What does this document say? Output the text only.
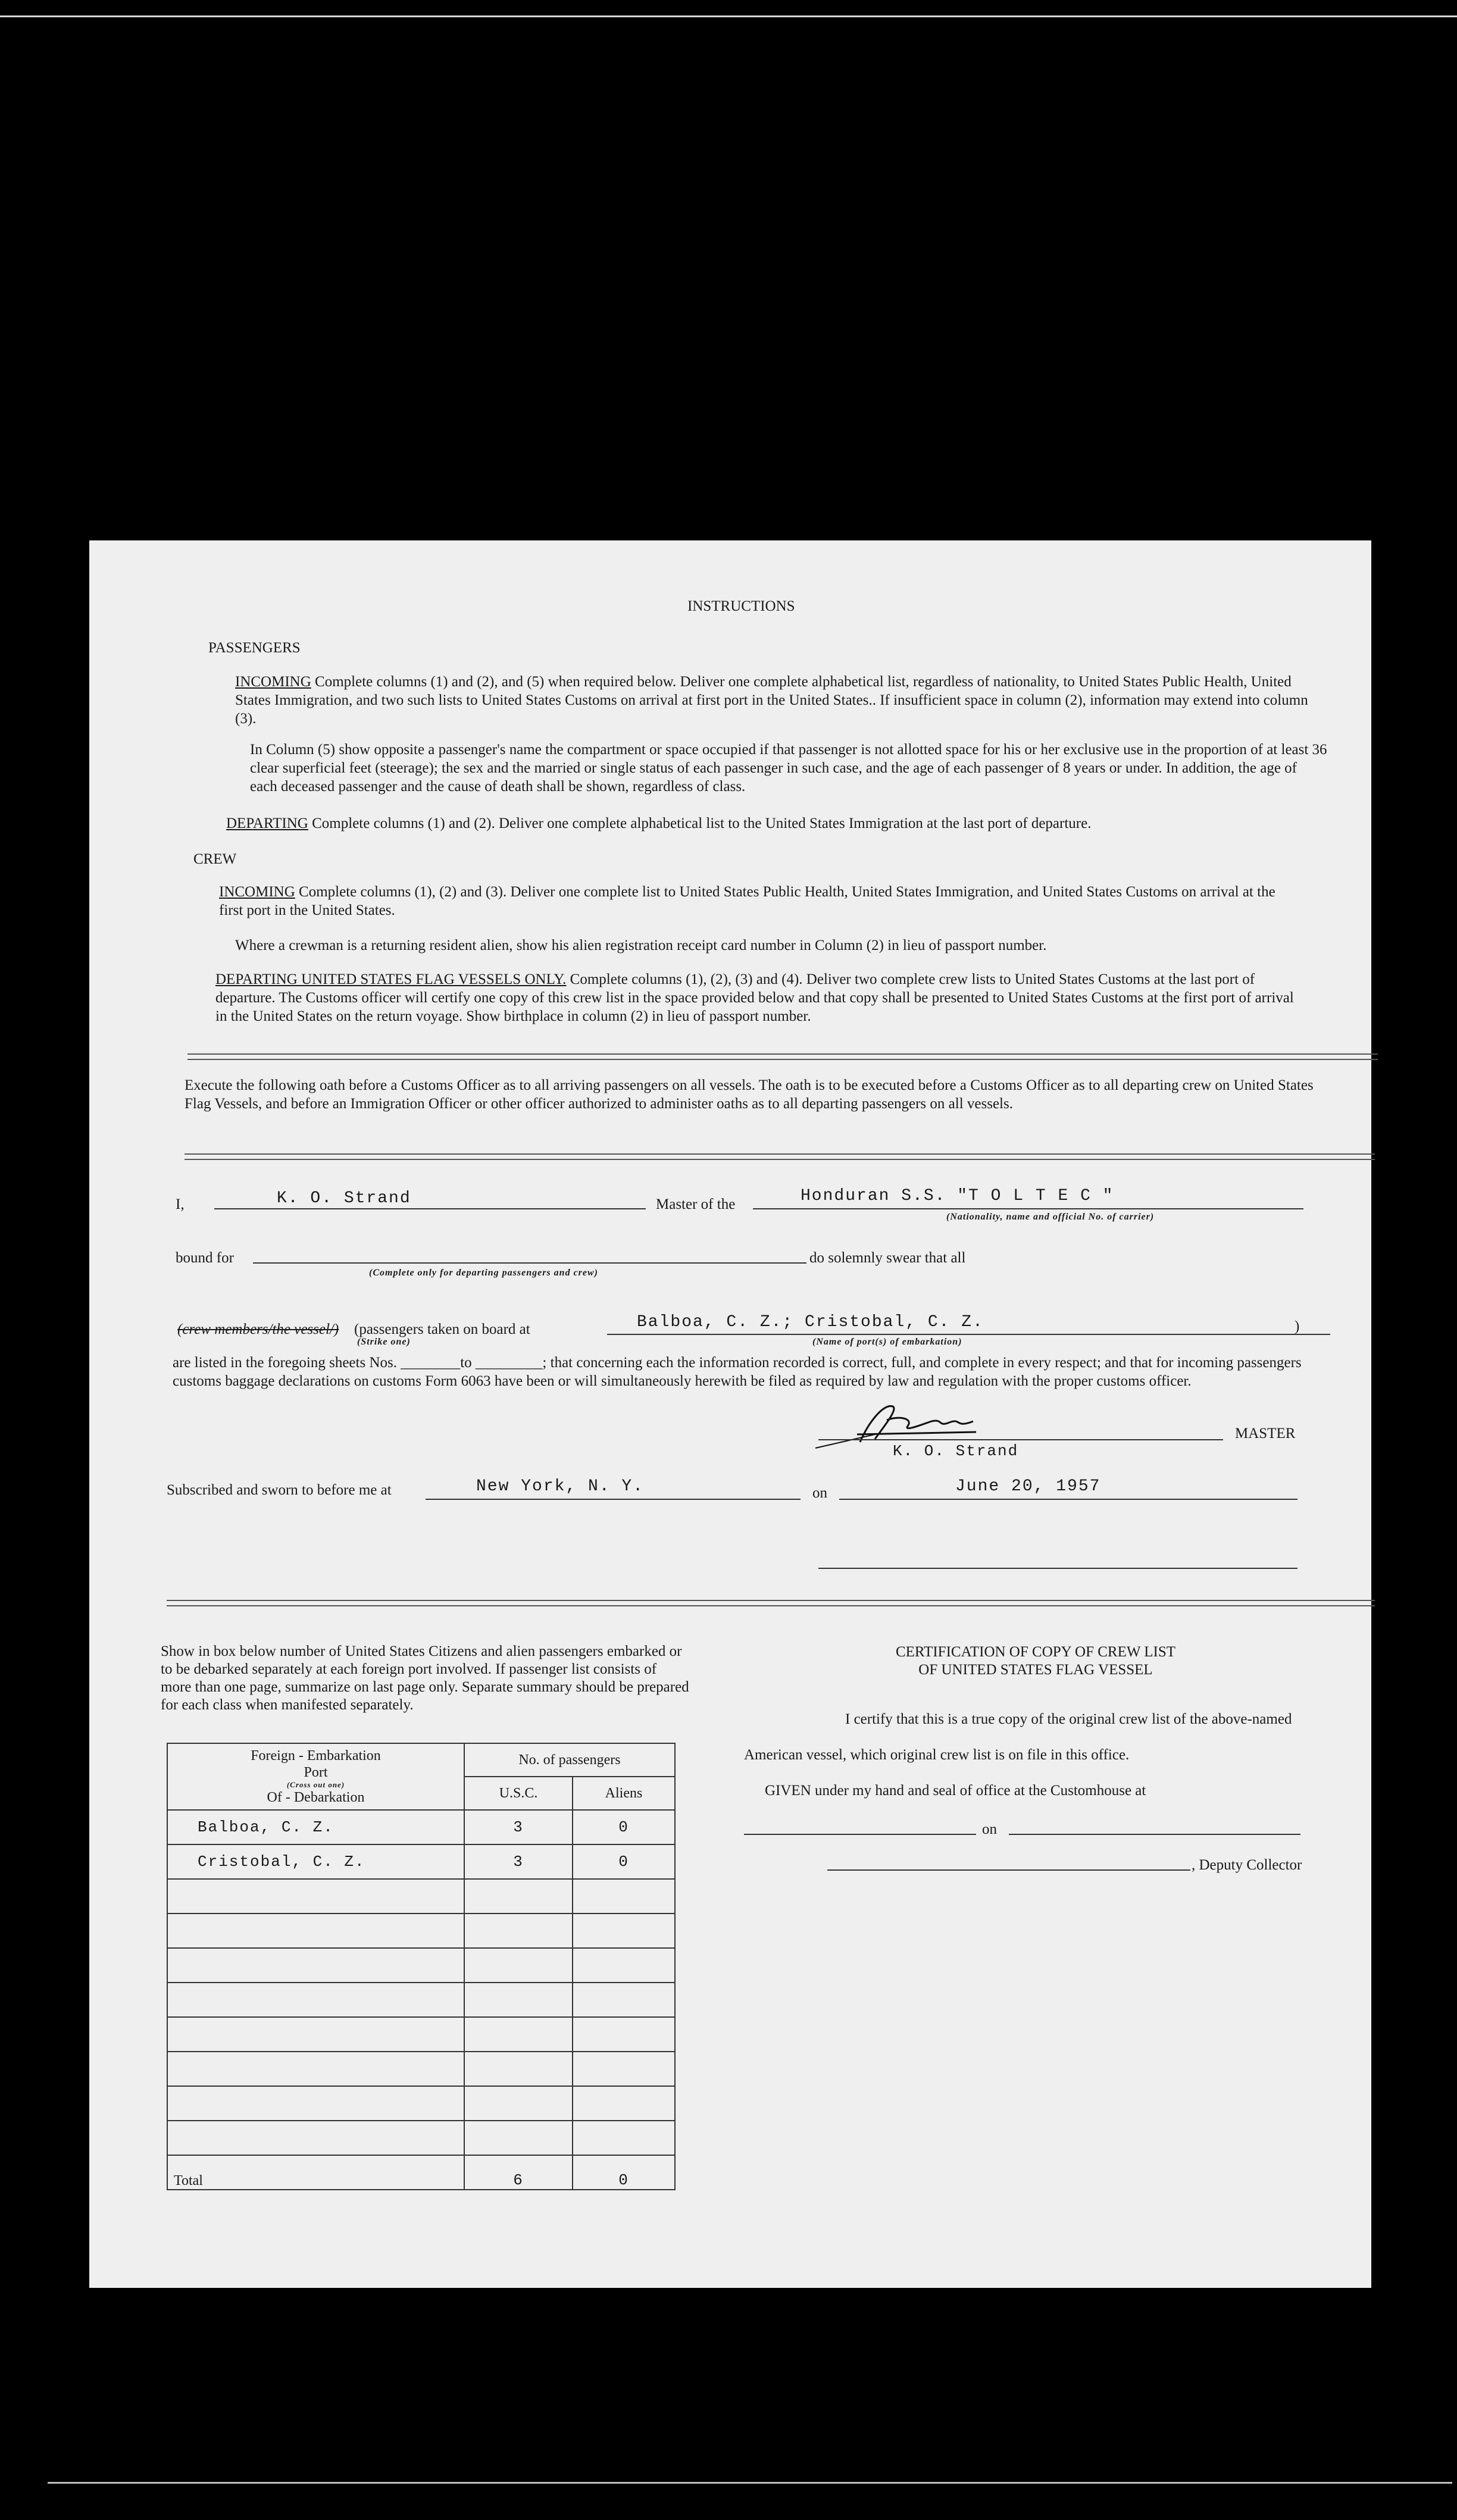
INSTRUCTIONS
PASSENGERS
INCOMING Complete columns (1) and (2), and (5) when required below. Deliver one complete alphabetical list, regardless of nationality, to United States Public Health, United States Immigration, and two such lists to United States Customs on arrival at first port in the United States.. If insufficient space in column (2), information may extend into column (3).
In Column (5) show opposite a passenger's name the compartment or space occupied if that passenger is not allotted space for his or her exclusive use in the proportion of at least 36 clear superficial feet (steerage); the sex and the married or single status of each passenger in such case, and the age of each passenger of 8 years or under. In addition, the age of each deceased passenger and the cause of death shall be shown, regardless of class.
DEPARTING Complete columns (1) and (2). Deliver one complete alphabetical list to the United States Immigration at the last port of departure.
CREW
INCOMING Complete columns (1), (2) and (3). Deliver one complete list to United States Public Health, United States Immigration, and United States Customs on arrival at the first port in the United States.
Where a crewman is a returning resident alien, show his alien registration receipt card number in Column (2) in lieu of passport number.
DEPARTING UNITED STATES FLAG VESSELS ONLY. Complete columns (1), (2), (3) and (4). Deliver two complete crew lists to United States Customs at the last port of departure. The Customs officer will certify one copy of this crew list in the space provided below and that copy shall be presented to United States Customs at the first port of arrival in the United States on the return voyage. Show birthplace in column (2) in lieu of passport number.
Execute the following oath before a Customs Officer as to all arriving passengers on all vessels. The oath is to be executed before a Customs Officer as to all departing crew on United States Flag Vessels, and before an Immigration Officer or other officer authorized to administer oaths as to all departing passengers on all vessels.
I,	K. O. Strand	Master of the	Honduran S.S. "T O L T E C "
(Nationality, name and official No. of carrier)
bound for
(Complete only for departing passengers and crew)
do solemnly swear that all
(crew members/the vessel/) (passengers taken on board at
(Strike one)
Balboa, C. Z.; Cristobal, C. Z.
(Name of port(s) of embarkation)
)
are listed in the foregoing sheets Nos. ________to _________; that concerning each the information recorded is correct, full, and complete in every respect; and that for incoming passengers customs baggage declarations on customs Form 6063 have been or will simultaneously herewith be filed as required by law and regulation with the proper customs officer.
MASTER
K. O. Strand
Subscribed and sworn to before me at	New York, N. Y.	on	June 20, 1957
Show in box below number of United States Citizens and alien passengers embarked or to be debarked separately at each foreign port involved. If passenger list consists of more than one page, summarize on last page only. Separate summary should be prepared for each class when manifested separately.
Foreign - Embarkation
Port
(Cross out one)
Of - Debarkation	No. of passengers	
	U.S.C.	Aliens
Balboa, C. Z.	3	0
Cristobal, C. Z.	3	0

Total	6	0
CERTIFICATION OF COPY OF CREW LIST
OF UNITED STATES FLAG VESSEL
I certify that this is a true copy of the original crew list of the above-named
American vessel, which original crew list is on file in this office.
GIVEN under my hand and seal of office at the Customhouse at
on
, Deputy Collector
